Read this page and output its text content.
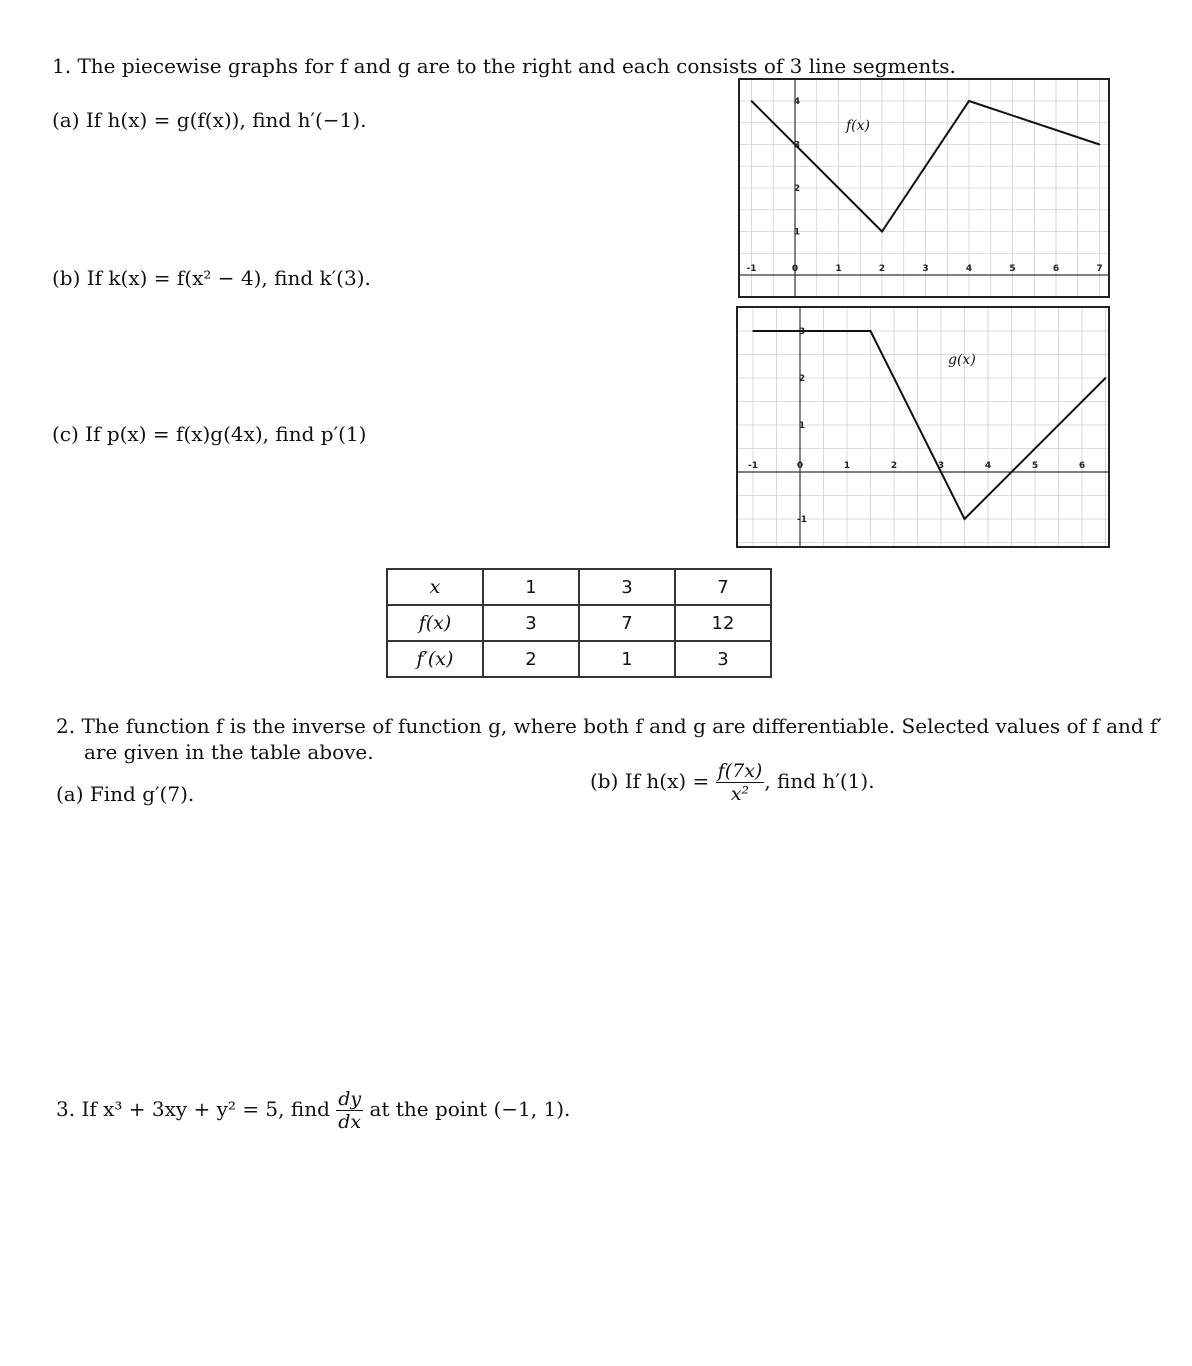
1. The piecewise graphs for f and g are to the right and each consists of 3 line segments.
(a) If h(x) = g(f(x)), find h′(−1).
(b) If k(x) = f(x² − 4), find k′(3).
(c) If p(x) = f(x)g(4x), find p′(1)
-1	0	1	2	3	4	5	6	7
1
2
3
4
f(x)
-1	0	1	2	3	4	5	6
-1
1
2
3
g(x)
x	1	3	7
f(x)	3	7	12
f′(x)	2	1	3
2. The function f is the inverse of function g, where both f and g are differentiable. Selected values of f and f′
are given in the table above.
(a) Find g′(7).
(b) If $h(x) = \frac{f(7x)}{\text{x²}}$ , find h′(1).
3. If x³ + 3xy + y² = 5, find $\frac{dy}{dx}$ at the point (−1, 1).
